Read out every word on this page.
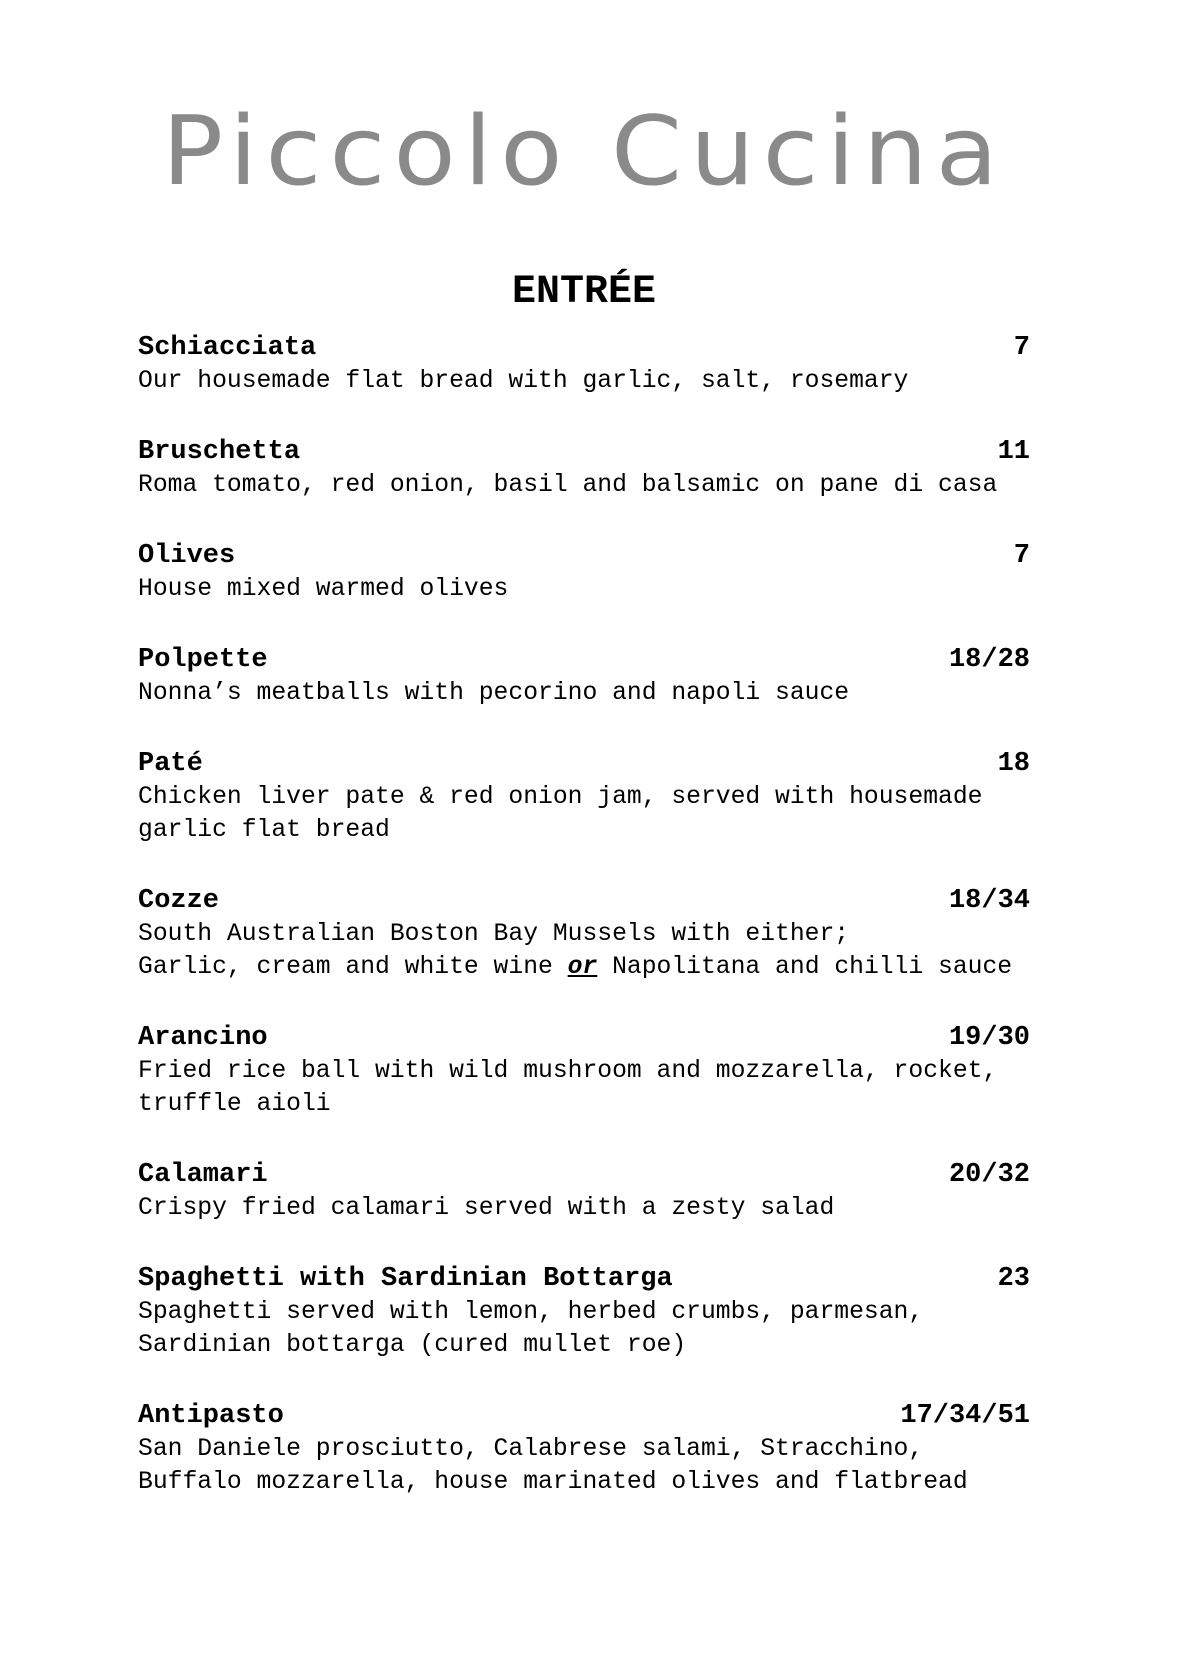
Piccolo Cucina
ENTRÉE
Schiacciata	7
Our housemade flat bread with garlic, salt, rosemary
Bruschetta	11
Roma tomato, red onion, basil and balsamic on pane di casa
Olives	7
House mixed warmed olives
Polpette	18/28
Nonna’s meatballs with pecorino and napoli sauce
Paté	18
Chicken liver pate & red onion jam, served with housemade
garlic flat bread
Cozze	18/34
South Australian Boston Bay Mussels with either;
Garlic, cream and white wine or Napolitana and chilli sauce
Arancino	19/30
Fried rice ball with wild mushroom and mozzarella, rocket,
truffle aioli
Calamari	20/32
Crispy fried calamari served with a zesty salad
Spaghetti with Sardinian Bottarga	23
Spaghetti served with lemon, herbed crumbs, parmesan,
Sardinian bottarga (cured mullet roe)
Antipasto	17/34/51
San Daniele prosciutto, Calabrese salami, Stracchino,
Buffalo mozzarella, house marinated olives and flatbread
